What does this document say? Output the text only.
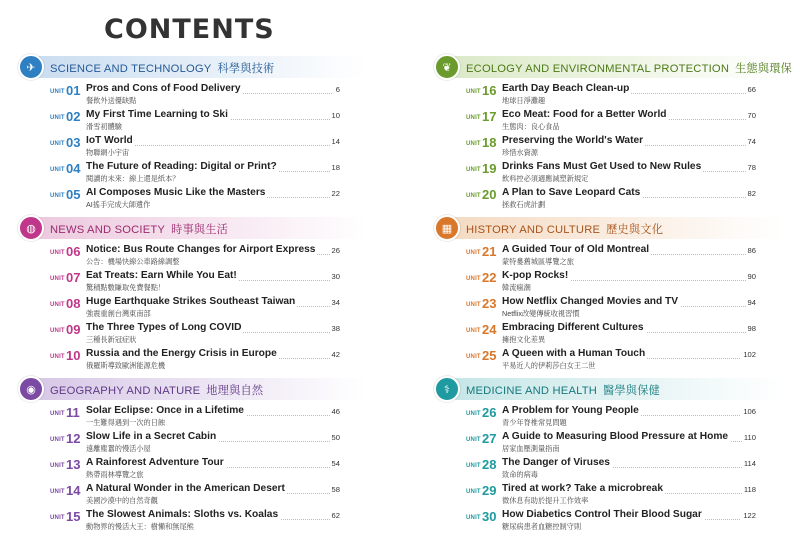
CONTENTS
✈	SCIENCE AND TECHNOLOGY 科學與技術
UNIT 01 Pros and Cons of Food Delivery
餐飲外送優缺點
6
UNIT 02 My First Time Learning to Ski
滑雪初體驗
10
UNIT 03 IoT World
物聯網小宇宙
14
UNIT 04 The Future of Reading: Digital or Print?
閱讀的未來：線上還是紙本？
18
UNIT 05 AI Composes Music Like the Masters
AI搖手完成大師遺作
22
◍	NEWS AND SOCIETY 時事與生活
UNIT 06 Notice: Bus Route Changes for Airport Express
公告：機場快線公車路線調整
26
UNIT 07 Eat Treats: Earn While You Eat!
驚積點數賺取免費餐點！
30
UNIT 08 Huge Earthquake Strikes Southeast Taiwan
強震重創台灣東南部
34
UNIT 09 The Three Types of Long COVID
三種長新冠症狀
38
UNIT 10 Russia and the Energy Crisis in Europe
俄羅斯導致歐洲能源危機
42
◉	GEOGRAPHY AND NATURE 地理與自然
UNIT 11 Solar Eclipse: Once in a Lifetime
一生難得遇到一次的日蝕
46
UNIT 12 Slow Life in a Secret Cabin
遠離塵囂的慢活小屋
50
UNIT 13 A Rainforest Adventure Tour
熱帶雨林導覽之旅
54
UNIT 14 A Natural Wonder in the American Desert
美國沙漠中的自然奇觀
58
UNIT 15 The Slowest Animals: Sloths vs. Koalas
動物界的慢活大王：樹懶和無尾熊
62
❦	ECOLOGY AND ENVIRONMENTAL PROTECTION 生態與環保
UNIT 16 Earth Day Beach Clean-up
地球日淨灘趣
66
UNIT 17 Eco Meat: Food for a Better World
生態肉：良心食品
70
UNIT 18 Preserving the World's Water
珍惜水資源
74
UNIT 19 Drinks Fans Must Get Used to New Rules
飲料控必須適應減塑新規定
78
UNIT 20 A Plan to Save Leopard Cats
拯救石虎計劃
82
▦	HISTORY AND CULTURE 歷史與文化
UNIT 21 A Guided Tour of Old Montreal
蒙特婁舊城區導覽之旅
86
UNIT 22 K-pop Rocks!
韓流瘋潮
90
UNIT 23 How Netflix Changed Movies and TV
Netflix改變傳統收視習慣
94
UNIT 24 Embracing Different Cultures
擁抱文化差異
98
UNIT 25 A Queen with a Human Touch
平易近人的伊莉莎白女王二世
102
⚕	MEDICINE AND HEALTH 醫學與保健
UNIT 26 A Problem for Young People
青少年脊椎常見問題
106
UNIT 27 A Guide to Measuring Blood Pressure at Home
居家血壓測量指南
110
UNIT 28 The Danger of Viruses
致命的病毒
114
UNIT 29 Tired at work? Take a microbreak
微休息有助於提升工作效率
118
UNIT 30 How Diabetics Control Their Blood Sugar
糖尿病患者血糖控制守則
122
